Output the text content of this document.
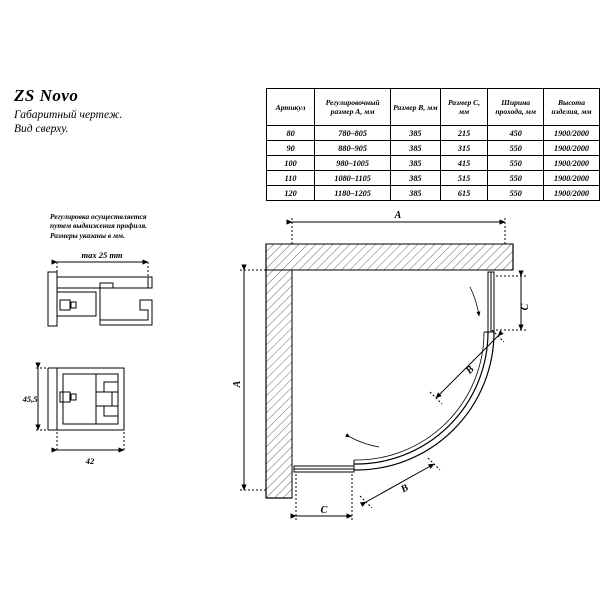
ZS Novo
Габаритный чертеж.
Вид сверху.
Артикул	Регулировочный размер A, мм	Размер B, мм	Размер C, мм	Ширина прохода, мм	Высота изделия, мм
80	780–805	385	215	450	1900/2000
90	880–905	385	315	550	1900/2000
100	980–1005	385	415	550	1900/2000
110	1080–1105	385	515	550	1900/2000
120	1180–1205	385	615	550	1900/2000
Регулировка осуществляется
путем выдвижения профиля.
Размеры указаны в мм.
max 25 mm
45,5
42
A
A
C
C
B
B
